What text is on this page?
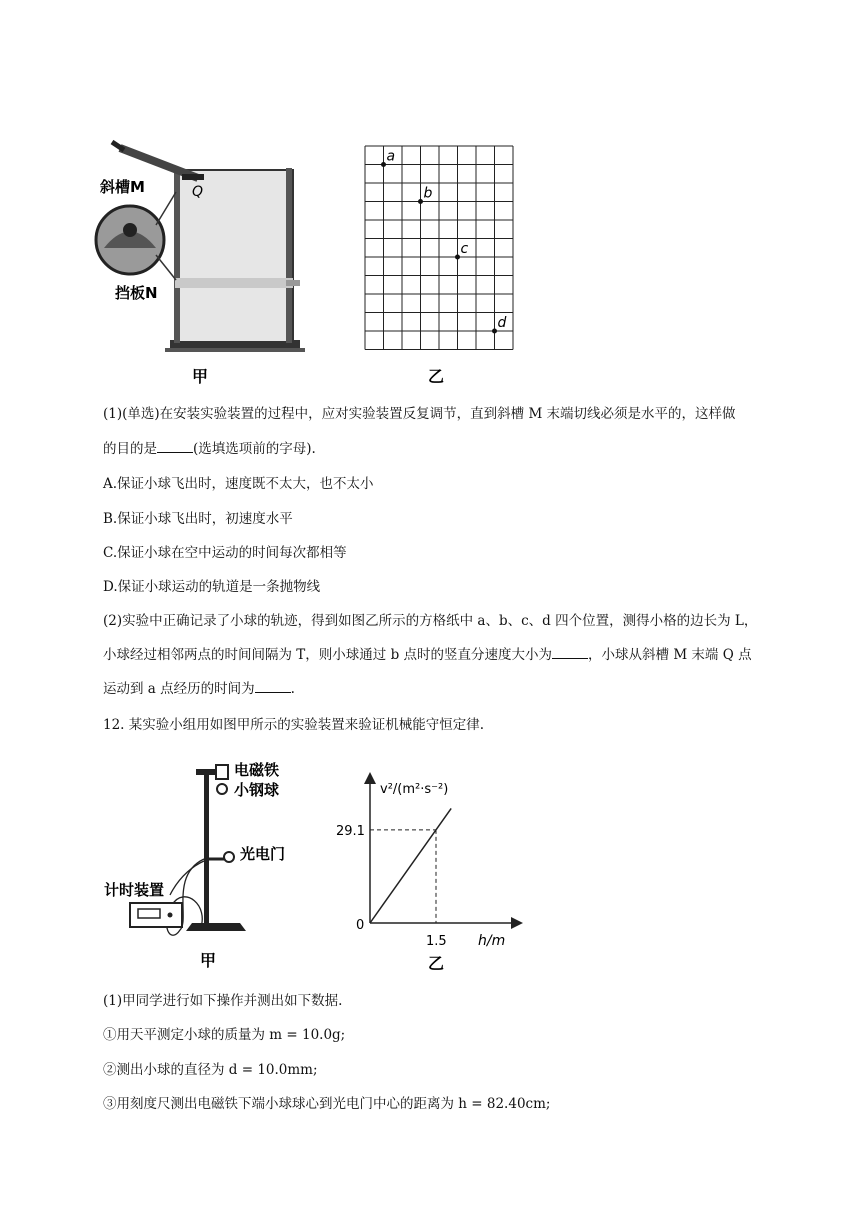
斜槽M	Q
挡板N
甲
a
b
c
d
乙
(1)(单选)在安装实验装置的过程中，应对实验装置反复调节，直到斜槽 M 末端切线必须是水平的，这样做
的目的是	(选填选项前的字母).
A.保证小球飞出时，速度既不太大，也不太小
B.保证小球飞出时，初速度水平
C.保证小球在空中运动的时间每次都相等
D.保证小球运动的轨道是一条抛物线
(2)实验中正确记录了小球的轨迹，得到如图乙所示的方格纸中 a、b、c、d 四个位置，测得小格的边长为 L，
小球经过相邻两点的时间间隔为 T，则小球通过 b 点时的竖直分速度大小为	，小球从斜槽 M 末端 Q 点
运动到 a 点经历的时间为	.
12. 某实验小组用如图甲所示的实验装置来验证机械能守恒定律.
电磁铁
小钢球
光电门
计时装置
甲
v²/(m²·s⁻²)
29.1
0
1.5 h/m
乙
(1)甲同学进行如下操作并测出如下数据.
①用天平测定小球的质量为 m = 10.0g;
②测出小球的直径为 d = 10.0mm;
③用刻度尺测出电磁铁下端小球球心到光电门中心的距离为 h = 82.40cm;
